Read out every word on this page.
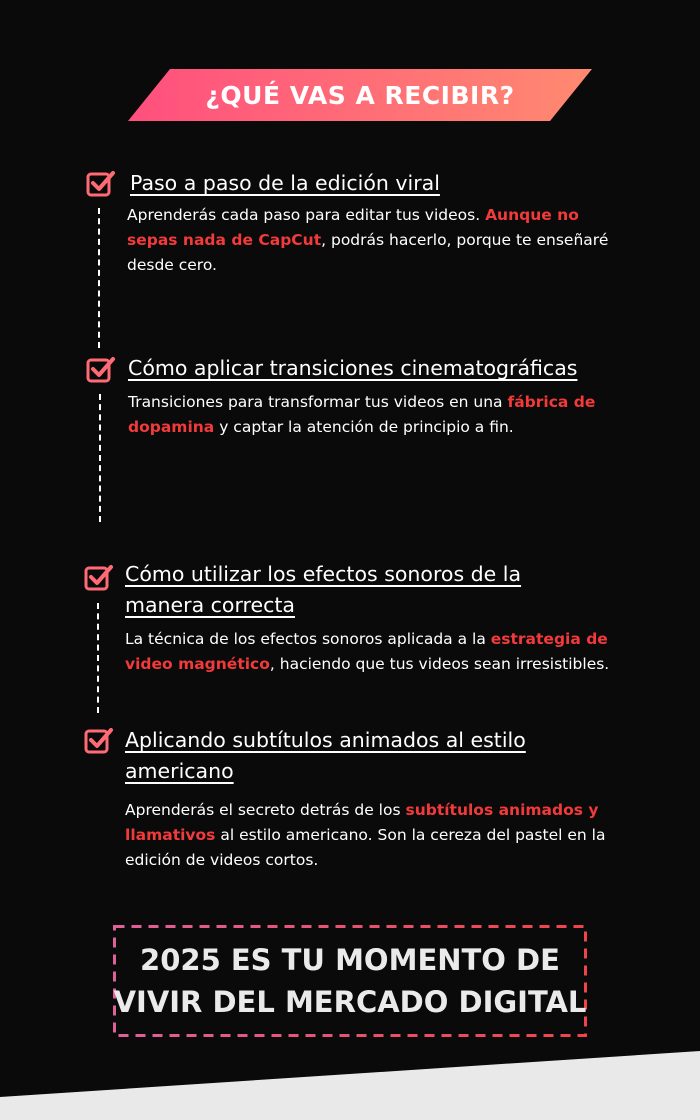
¿QUÉ VAS A RECIBIR?
Paso a paso de la edición viral
Aprenderás cada paso para editar tus videos. Aunque no sepas nada de CapCut, podrás hacerlo, porque te enseñaré desde cero.
Cómo aplicar transiciones cinematográficas
Transiciones para transformar tus videos en una fábrica de dopamina y captar la atención de principio a fin.
Cómo utilizar los efectos sonoros de la
manera correcta
La técnica de los efectos sonoros aplicada a la estrategia de video magnético, haciendo que tus videos sean irresistibles.
Aplicando subtítulos animados al estilo
americano
Aprenderás el secreto detrás de los subtítulos animados y llamativos al estilo americano. Son la cereza del pastel en la edición de videos cortos.
2025 ES TU MOMENTO DE
VIVIR DEL MERCADO DIGITAL
